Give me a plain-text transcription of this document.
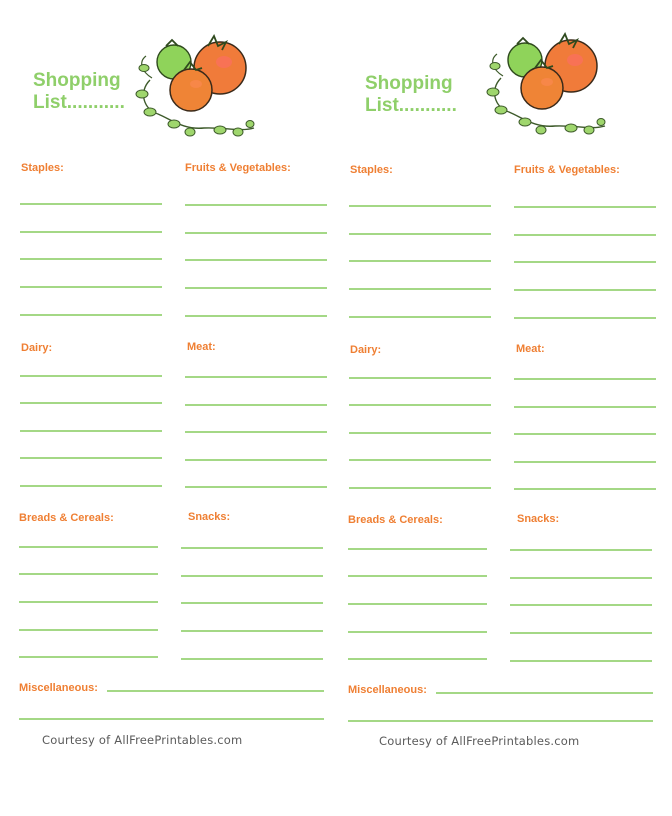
Shopping
List...........
Staples:	Fruits & Vegetables:
Dairy:	Meat:
Breads & Cereals:	Snacks:
Miscellaneous:
Courtesy of AllFreePrintables.com
Shopping
List...........
Staples:	Fruits & Vegetables:
Dairy:	Meat:
Breads & Cereals:	Snacks:
Miscellaneous:
Courtesy of AllFreePrintables.com
